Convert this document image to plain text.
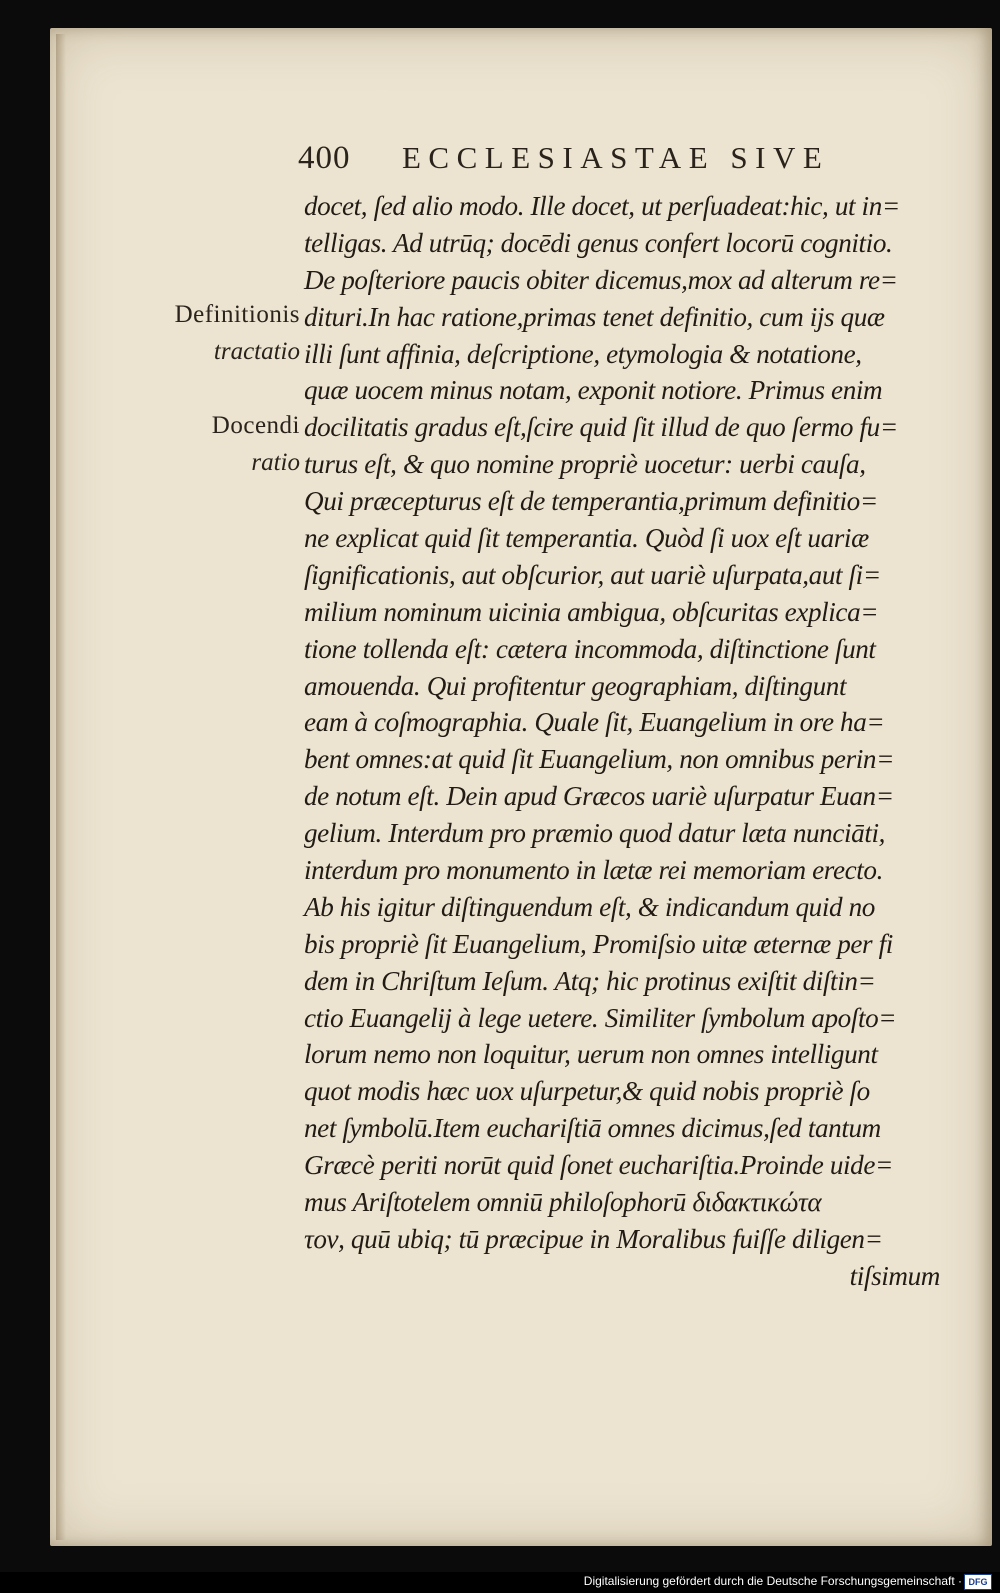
400 ECCLESIASTAE SIVE
Definitionis
tractatio
Docendi
ratio
docet, ſed alio modo. Ille docet, ut perſuadeat:hic, ut in=
telligas. Ad utrūq; docēdi genus confert locorū cognitio.
De poſteriore paucis obiter dicemus,mox ad alterum re=
dituri.In hac ratione,primas tenet definitio, cum ijs quæ
illi ſunt affinia, deſcriptione, etymologia & notatione,
quæ uocem minus notam, exponit notiore. Primus enim
docilitatis gradus eſt,ſcire quid ſit illud de quo ſermo fu=
turus eſt, & quo nomine propriè uocetur: uerbi cauſa,
Qui præcepturus eſt de temperantia,primum definitio=
ne explicat quid ſit temperantia. Quòd ſi uox eſt uariæ
ſignificationis, aut obſcurior, aut uariè uſurpata,aut ſi=
milium nominum uicinia ambigua, obſcuritas explica=
tione tollenda eſt: cætera incommoda, diſtinctione ſunt
amouenda. Qui profitentur geographiam, diſtingunt
eam à coſmographia. Quale ſit, Euangelium in ore ha=
bent omnes:at quid ſit Euangelium, non omnibus perin=
de notum eſt. Dein apud Græcos uariè uſurpatur Euan=
gelium. Interdum pro præmio quod datur læta nunciāti,
interdum pro monumento in lætæ rei memoriam erecto.
Ab his igitur diſtinguendum eſt, & indicandum quid no
bis propriè ſit Euangelium, Promiſsio uitæ æternæ per fi
dem in Chriſtum Ieſum. Atq; hic protinus exiſtit diſtin=
ctio Euangelij à lege uetere. Similiter ſymbolum apoſto=
lorum nemo non loquitur, uerum non omnes intelligunt
quot modis hæc uox uſurpetur,& quid nobis propriè ſo
net ſymbolū.Item euchariſtiā omnes dicimus,ſed tantum
Græcè periti norūt quid ſonet euchariſtia.Proinde uide=
mus Ariſtotelem omniū philoſophorū διδακτικώτα
τον, quū ubiq; tū præcipue in Moralibus fuiſſe diligen=
tiſsimum
Digitalisierung gefördert durch die Deutsche Forschungsgemeinschaft · DFG
